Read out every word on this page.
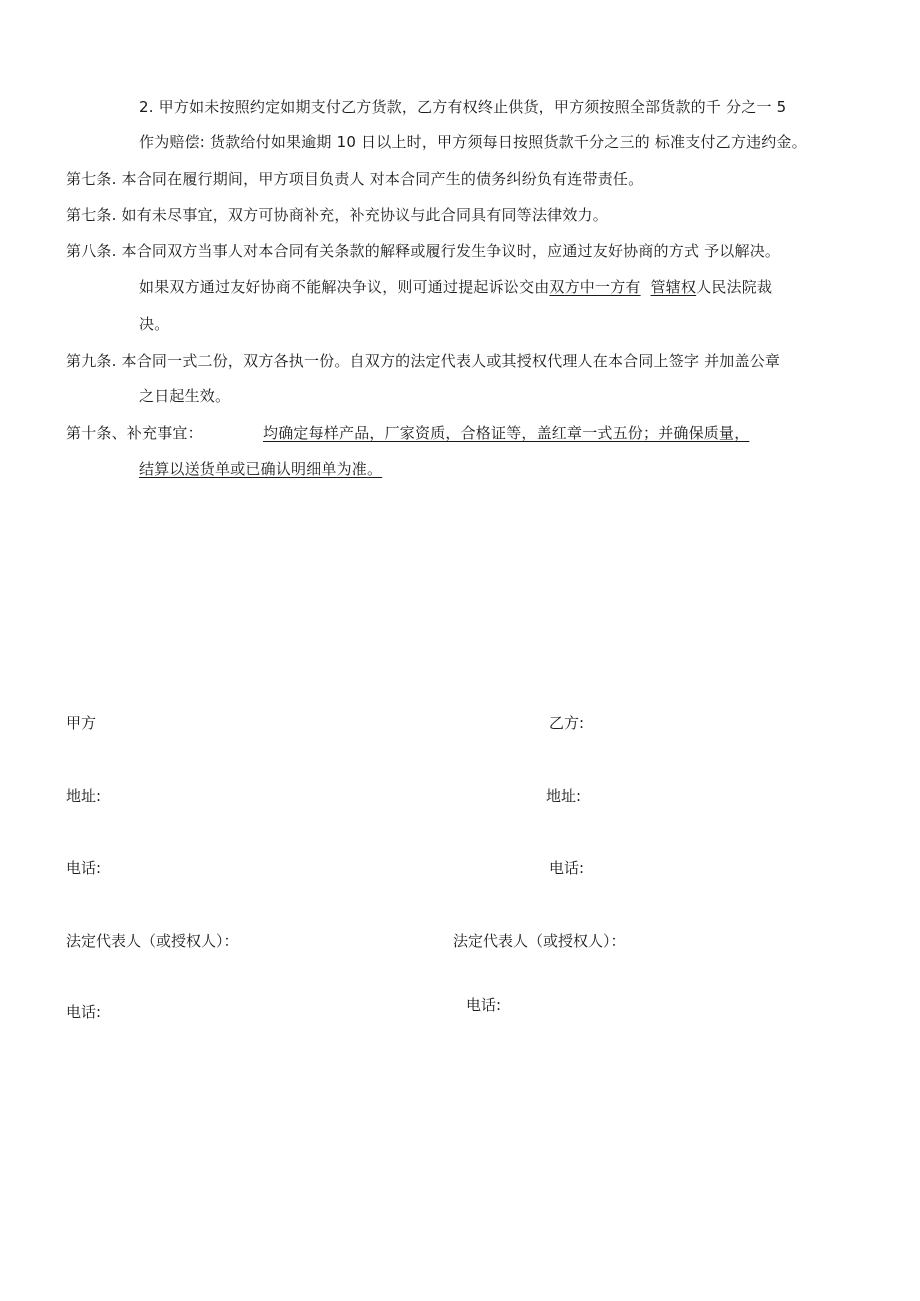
2. 甲方如未按照约定如期支付乙方货款，乙方有权终止供货，甲方须按照全部货款的千 分之一 5
作为赔偿: 货款给付如果逾期 10 日以上时，甲方须每日按照货款千分之三的 标准支付乙方违约金。
第七条. 本合同在履行期间，甲方项目负责人 对本合同产生的债务纠纷负有连带责任。
第七条. 如有未尽事宜，双方可协商补充，补充协议与此合同具有同等法律效力。
第八条. 本合同双方当事人对本合同有关条款的解释或履行发生争议时，应通过友好协商的方式 予以解决。
如果双方通过友好协商不能解决争议，则可通过提起诉讼交由双方中一方有 管辖权人民法院裁
决。
第九条. 本合同一式二份，双方各执一份。自双方的法定代表人或其授权代理人在本合同上签字 并加盖公章
之日起生效。
第十条、补充事宜：	均确定每样产品，厂家资质，合格证等，盖红章一式五份；并确保质量，
结算以送货单或已确认明细单为准。
甲方
地址:
电话:
法定代表人（或授权人）：
电话:
乙方:
地址:
电话:
法定代表人（或授权人）：
电话:
